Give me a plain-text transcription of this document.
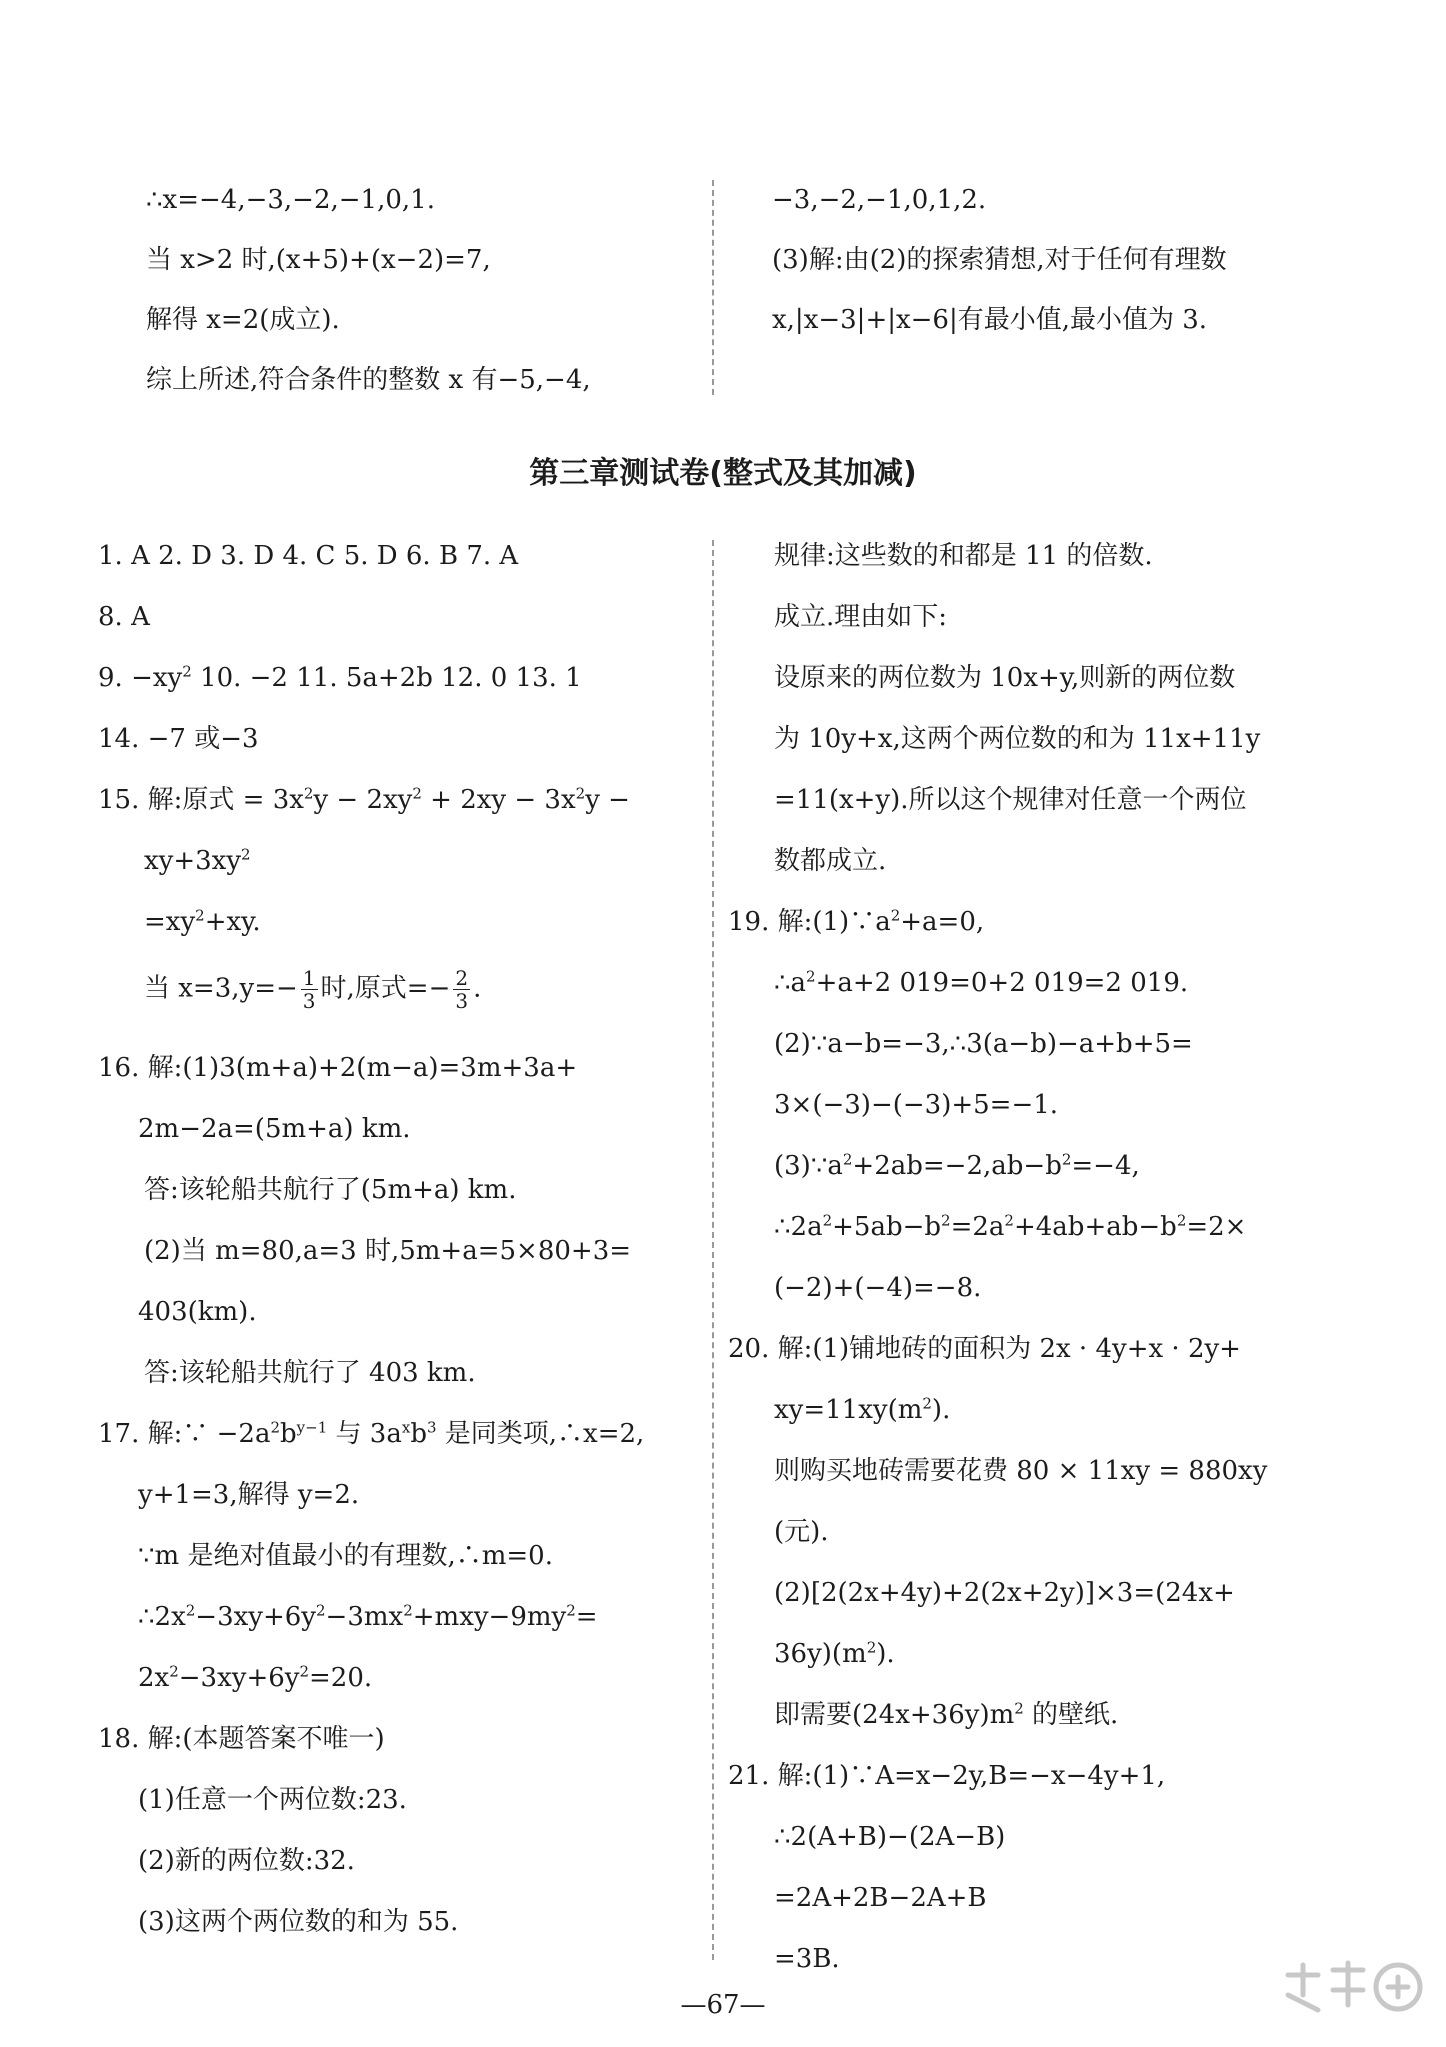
∴x=−4,−3,−2,−1,0,1.
当 x>2 时,(x+5)+(x−2)=7,
解得 x=2(成立).
综上所述,符合条件的整数 x 有−5,−4,
−3,−2,−1,0,1,2.
(3)解:由(2)的探索猜想,对于任何有理数
x,|x−3|+|x−6|有最小值,最小值为 3.
第三章测试卷(整式及其加减)
1. A 2. D 3. D 4. C 5. D 6. B 7. A
8. A
9. $-xy^2$ 10. −2 11. 5a+2b 12. 0 13. 1
14. −7 或−3
15. 解:原式 = $3x^2y - 2xy^2 + 2xy - 3x^2y$ −
$xy+3xy^2$
$=xy^2+xy$.
当 $x=3,y=- \frac{1}{3}$ 时,原式=− $\frac{2}{3}$ .
16. 解:(1)3(m+a)+2(m−a)=3m+3a+
2m−2a=(5m+a) km.
答:该轮船共航行了(5m+a) km.
(2)当 m=80,a=3 时,5m+a=5×80+3=
403(km).
答:该轮船共航行了 403 km.
17. 解:∵ $-2a^2b^{y-1}$ 与 $3a^xb^3$ 是同类项,∴x=2,
y+1=3,解得 y=2.
∵m 是绝对值最小的有理数,∴m=0.
$\therefore 2x^2-3xy+6y^2-3mx^2+mxy-9my^2=$
$2x^2-3xy+6y^2=20$.
18. 解:(本题答案不唯一)
(1)任意一个两位数:23.
(2)新的两位数:32.
(3)这两个两位数的和为 55.
规律:这些数的和都是 11 的倍数.
成立.理由如下:
设原来的两位数为 10x+y,则新的两位数
为 10y+x,这两个两位数的和为 11x+11y
=11(x+y).所以这个规律对任意一个两位
数都成立.
19. 解$:(1)\because a^2+a=0$,
$\therefore a^2+a+2$ 019=0+2 019=2 019.
(2)∵a−b=−3,∴3(a−b)−a+b+5=
3×(−3)−(−3)+5=−1.
$(3)\because a^2+2ab=-2,ab-b^2=-4$,
$\therefore 2a^2+5ab-b^2=2a^2+4ab+ab-b^2=2\times$
(−2)+(−4)=−8.
20. 解:(1)铺地砖的面积为 2x · 4y+x · 2y+
$xy=11xy(m^2)$.
则购买地砖需要花费 80 × 11xy = 880xy
(元).
(2)[2(2x+4y)+2(2x+2y)]×3=(24x+
$36y)(m^2)$.
即需要$(24x+36y)m^2$ 的壁纸.
21. 解:(1)∵A=x−2y,B=−x−4y+1,
∴2(A+B)−(2A−B)
=2A+2B−2A+B
=3B.
—67—
